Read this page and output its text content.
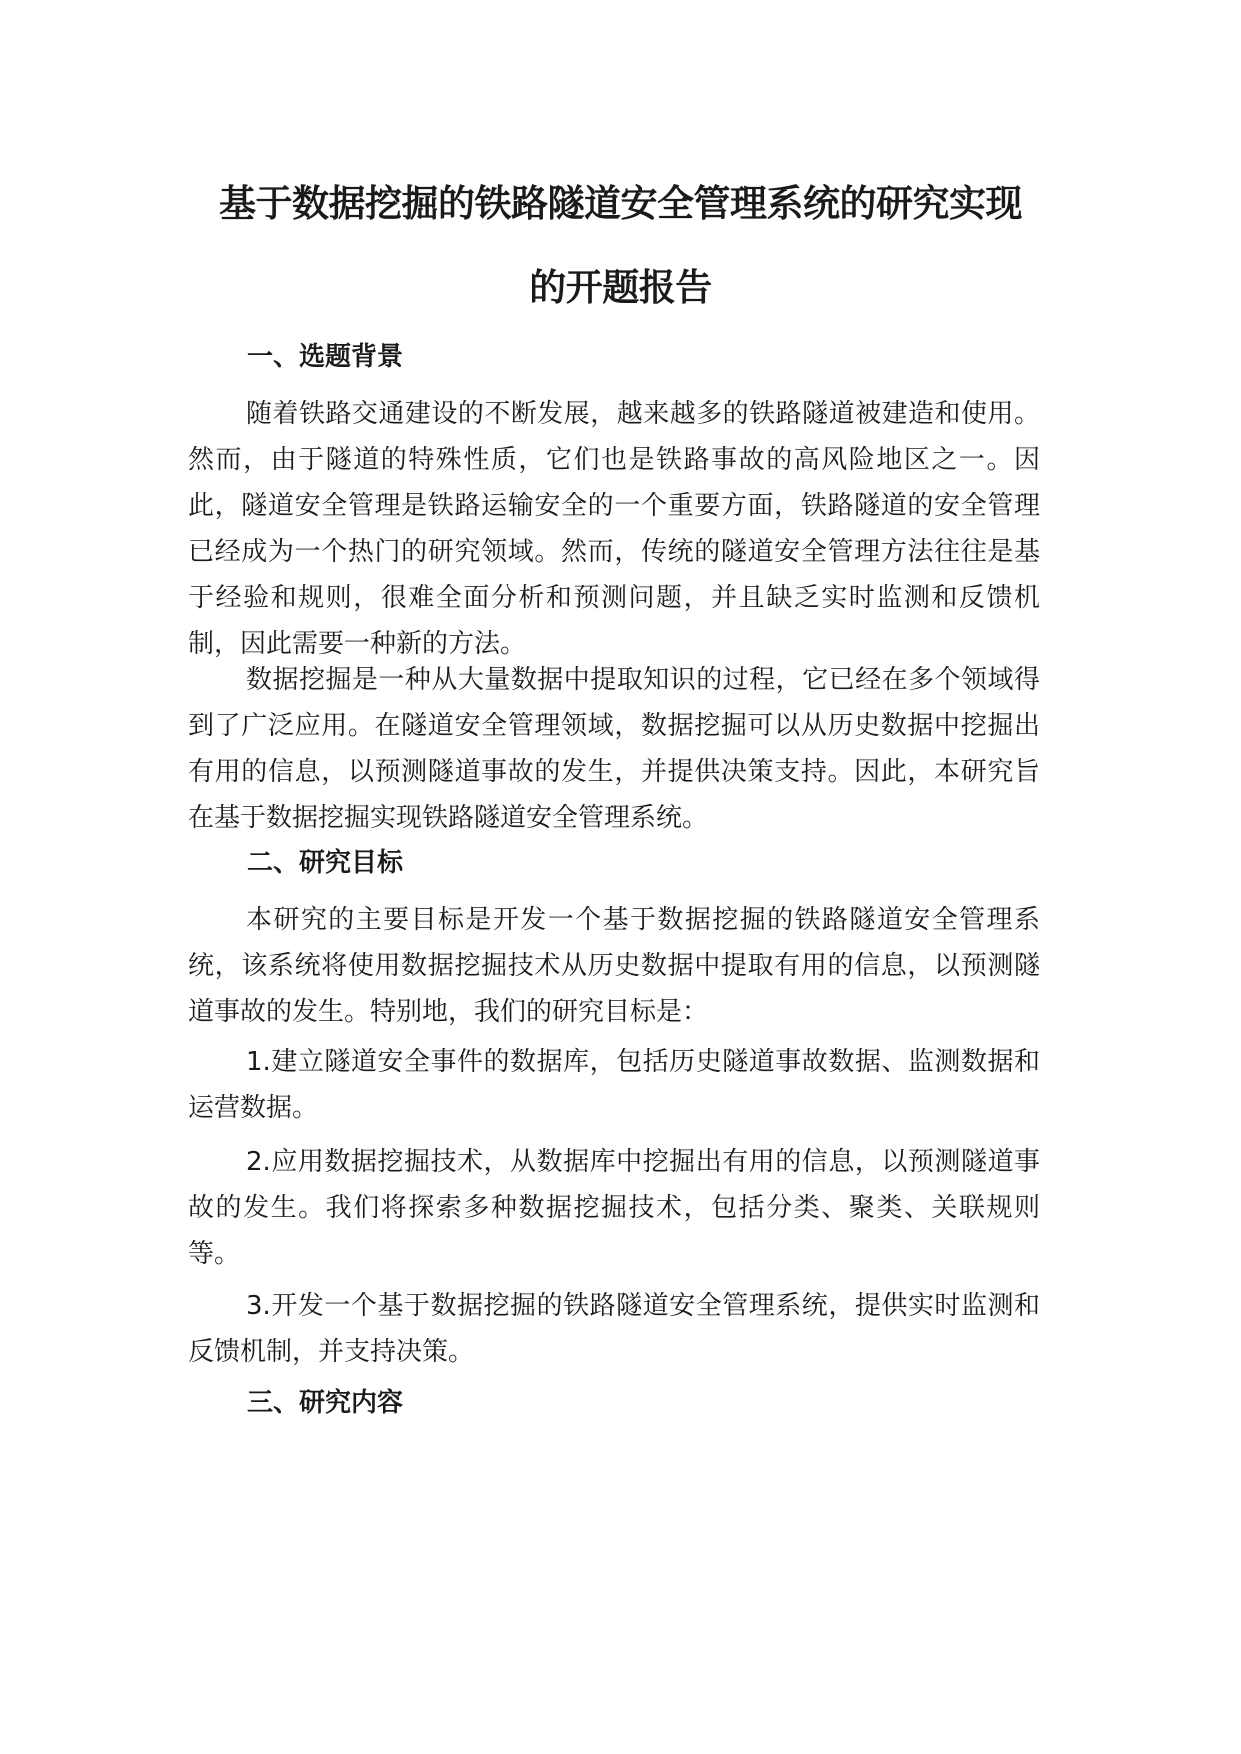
基于数据挖掘的铁路隧道安全管理系统的研究实现
的开题报告
一、选题背景

随着铁路交通建设的不断发展，越来越多的铁路隧道被建造和使用。然而，由于隧道的特殊性质，它们也是铁路事故的高风险地区之一。因此，隧道安全管理是铁路运输安全的一个重要方面，铁路隧道的安全管理已经成为一个热门的研究领域。然而，传统的隧道安全管理方法往往是基于经验和规则，很难全面分析和预测问题，并且缺乏实时监测和反馈机制，因此需要一种新的方法。

数据挖掘是一种从大量数据中提取知识的过程，它已经在多个领域得到了广泛应用。在隧道安全管理领域，数据挖掘可以从历史数据中挖掘出有用的信息，以预测隧道事故的发生，并提供决策支持。因此，本研究旨在基于数据挖掘实现铁路隧道安全管理系统。

二、研究目标

本研究的主要目标是开发一个基于数据挖掘的铁路隧道安全管理系统，该系统将使用数据挖掘技术从历史数据中提取有用的信息，以预测隧道事故的发生。特别地，我们的研究目标是：

1.建立隧道安全事件的数据库，包括历史隧道事故数据、监测数据和运营数据。

2.应用数据挖掘技术，从数据库中挖掘出有用的信息，以预测隧道事故的发生。我们将探索多种数据挖掘技术，包括分类、聚类、关联规则等。

3.开发一个基于数据挖掘的铁路隧道安全管理系统，提供实时监测和反馈机制，并支持决策。

三、研究内容
